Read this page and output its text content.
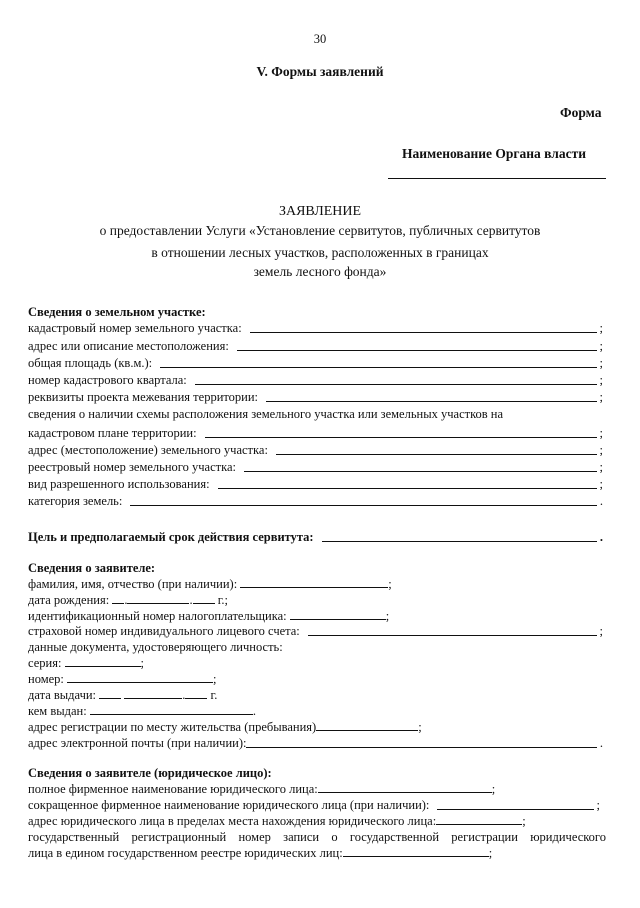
30
V. Формы заявлений
Форма
Наименование Органа власти
ЗАЯВЛЕНИЕ
о предоставлении Услуги «Установление сервитутов, публичных сервитутов
в отношении лесных участков, расположенных в границах
земель лесного фонда»
Сведения о земельном участке:
кадастровый номер земельного участка:	;
адрес или описание местоположения:	;
общая площадь (кв.м.):	;
номер кадастрового квартала:	;
реквизиты проекта межевания территории:	;
сведения о наличии схемы расположения земельного участка или земельных участков на
кадастровом плане территории:	;
адрес (местоположение) земельного участка:	;
реестровый номер земельного участка:	;
вид разрешенного использования:	;
категория земель:	.
Цель и предполагаемый срок действия сервитута:	.
Сведения о заявителе:
фамилия, имя, отчество (при наличии):	;
дата рождения: .	. г.;
идентификационный номер налогоплательщика:	;
страховой номер индивидуального лицевого счета:	;
данные документа, удостоверяющего личность:
серия:	;
номер:	;
дата выдачи:	. г.
кем выдан:	.
адрес регистрации по месту жительства (пребывания)	;
адрес электронной почты (при наличии):	.
Сведения о заявителе (юридическое лицо):
полное фирменное наименование юридического лица:	;
сокращенное фирменное наименование юридического лица (при наличии):	;
адрес юридического лица в пределах места нахождения юридического лица:	;
государственный регистрационный номер записи о государственной регистрации юридического
лица в едином государственном реестре юридических лиц:	;
